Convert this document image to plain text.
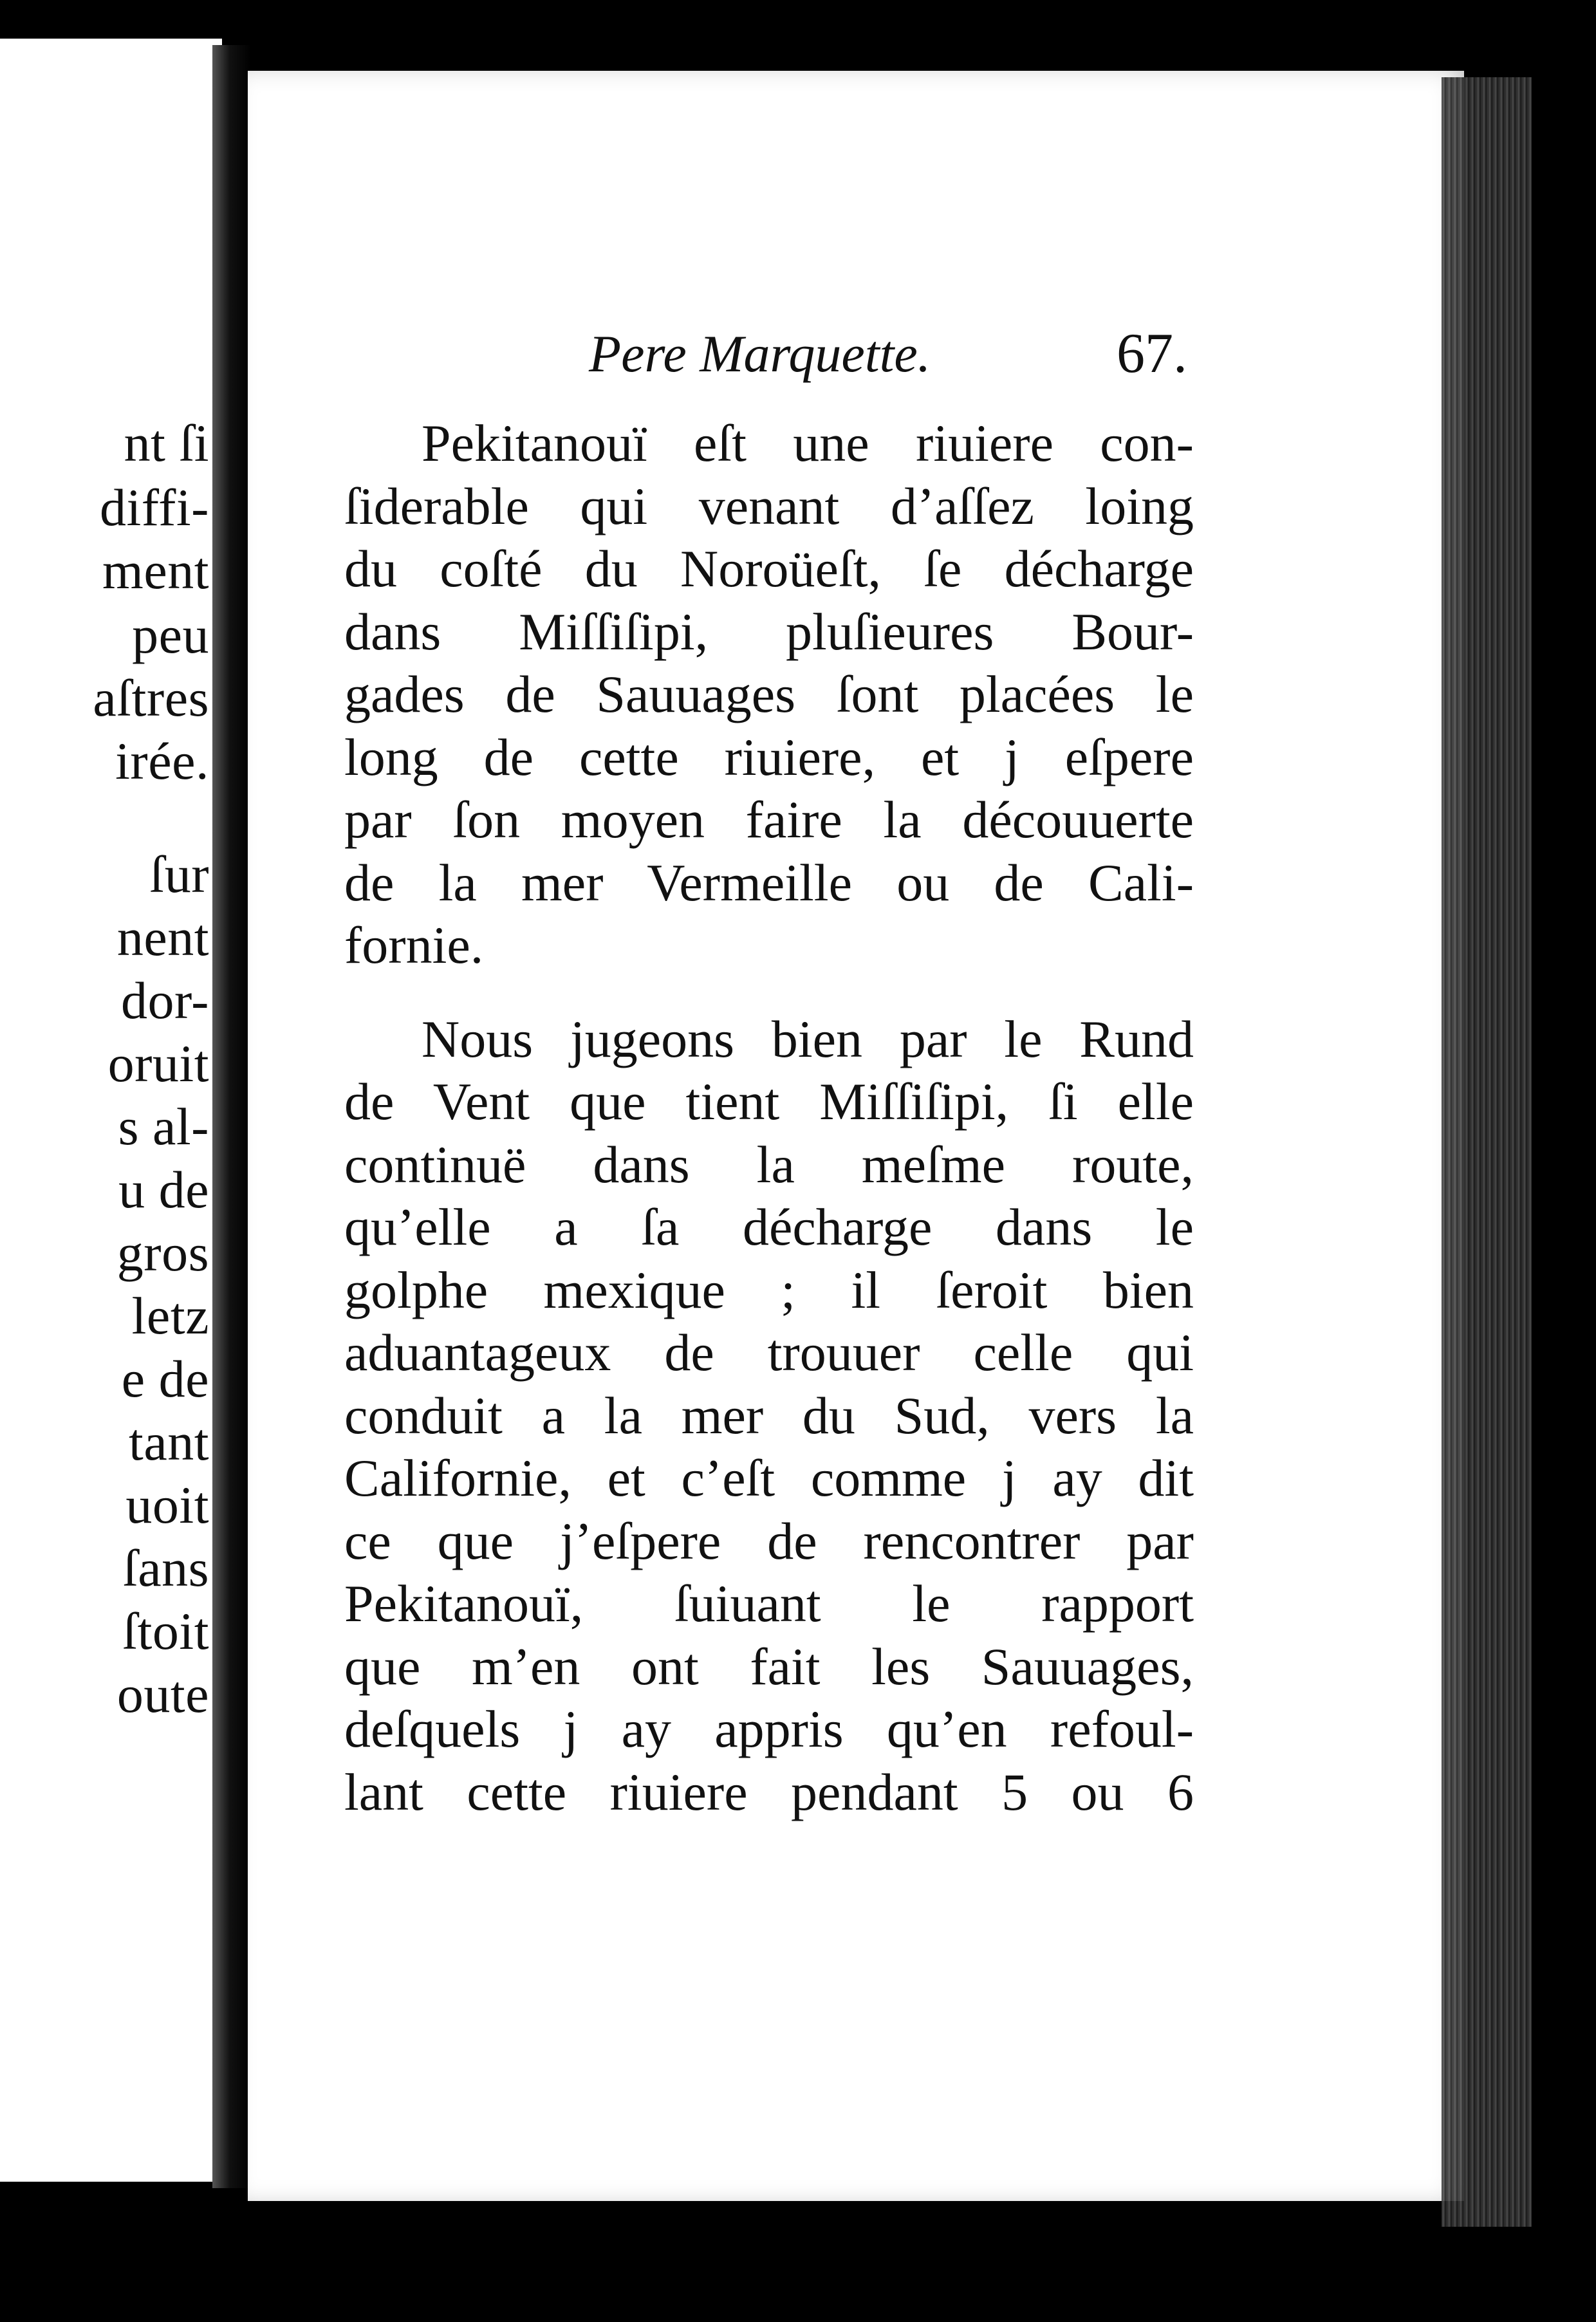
nt ſi

diffi-

ment

peu

aſtres

irée.

ſur

nent

dor-

oruit

s al-

u de

gros

letz

e de

tant

uoit

ſans

ſtoit

oute

Pere Marquette.	67.

Pekitanouï eſt une riuiere con-

ſiderable qui venant d’aſſez loing

du coſté du Noroüeſt, ſe décharge

dans Miſſiſipi, pluſieures Bour-

gades de Sauuages ſont placées le

long de cette riuiere, et j eſpere

par ſon moyen faire la découuerte

de la mer Vermeille ou de Cali-

fornie.

Nous jugeons bien par le Rund

de Vent que tient Miſſiſipi, ſi elle

continuë dans la meſme route,

qu’elle a ſa décharge dans le

golphe mexique ; il ſeroit bien

aduantageux de trouuer celle qui

conduit a la mer du Sud, vers la

Californie, et c’eſt comme j ay dit

ce que j’eſpere de rencontrer par

Pekitanouï, ſuiuant le rapport

que m’en ont fait les Sauuages,

deſquels j ay appris qu’en refoul-

lant cette riuiere pendant 5 ou 6
